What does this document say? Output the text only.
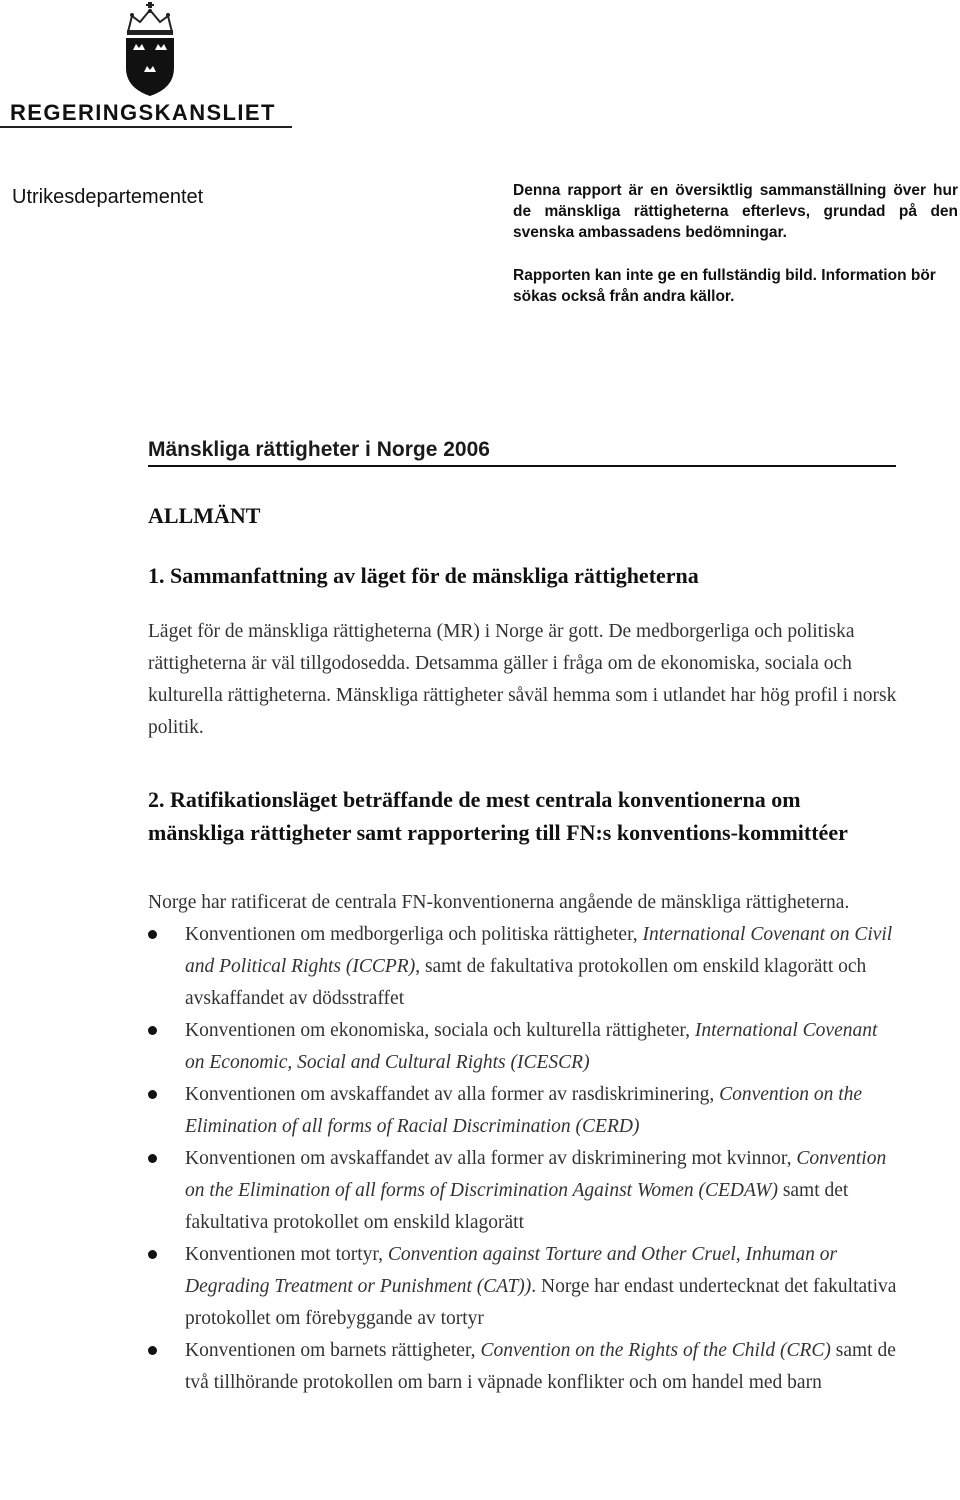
REGERINGSKANSLIET
Utrikesdepartementet	Denna rapport är en översiktlig sammanställning över hur de mänskliga rättigheterna efterlevs, grundad på den svenska ambassadens bedömningar.

Rapporten kan inte ge en fullständig bild. Information bör sökas också från andra källor.

Mänskliga rättigheter i Norge 2006
ALLMÄNT
1. Sammanfattning av läget för de mänskliga rättigheterna

Läget för de mänskliga rättigheterna (MR) i Norge är gott. De medborgerliga och politiska rättigheterna är väl tillgodosedda. Detsamma gäller i fråga om de ekonomiska, sociala och kulturella rättigheterna. Mänskliga rättigheter såväl hemma som i utlandet har hög profil i norsk politik.

2. Ratifikationsläget beträffande de mest centrala konventionerna om mänskliga rättigheter samt rapportering till FN:s konventions-kommittéer

Norge har ratificerat de centrala FN-konventionerna angående de mänskliga rättigheterna.

Konventionen om medborgerliga och politiska rättigheter, International Covenant on Civil and Political Rights (ICCPR), samt de fakultativa protokollen om enskild klagorätt och avskaffandet av dödsstraffet
Konventionen om ekonomiska, sociala och kulturella rättigheter, International Covenant on Economic, Social and Cultural Rights (ICESCR)
Konventionen om avskaffandet av alla former av rasdiskriminering, Convention on the Elimination of all forms of Racial Discrimination (CERD)
Konventionen om avskaffandet av alla former av diskriminering mot kvinnor, Convention on the Elimination of all forms of Discrimination Against Women (CEDAW) samt det fakultativa protokollet om enskild klagorätt
Konventionen mot tortyr, Convention against Torture and Other Cruel, Inhuman or Degrading Treatment or Punishment (CAT)). Norge har endast undertecknat det fakultativa protokollet om förebyggande av tortyr
Konventionen om barnets rättigheter, Convention on the Rights of the Child (CRC) samt de två tillhörande protokollen om barn i väpnade konflikter och om handel med barn
